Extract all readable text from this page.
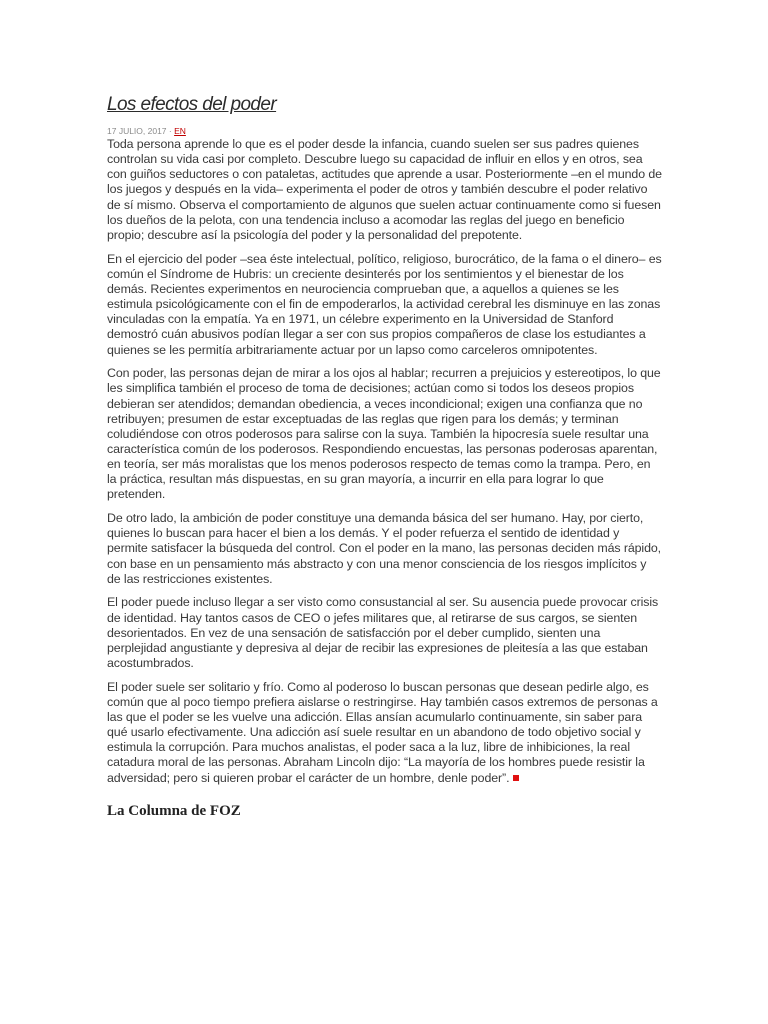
Los efectos del poder

17 JULIO, 2017 · EN

Toda persona aprende lo que es el poder desde la infancia, cuando suelen ser sus padres quienes controlan su vida casi por completo. Descubre luego su capacidad de influir en ellos y en otros, sea con guiños seductores o con pataletas, actitudes que aprende a usar. Posteriormente –en el mundo de los juegos y después en la vida– experimenta el poder de otros y también descubre el poder relativo de sí mismo. Observa el comportamiento de algunos que suelen actuar continuamente como si fuesen los dueños de la pelota, con una tendencia incluso a acomodar las reglas del juego en beneficio propio; descubre así la psicología del poder y la personalidad del prepotente.

En el ejercicio del poder –sea éste intelectual, político, religioso, burocrático, de la fama o el dinero– es común el Síndrome de Hubris: un creciente desinterés por los sentimientos y el bienestar de los demás. Recientes experimentos en neurociencia comprueban que, a aquellos a quienes se les estimula psicológicamente con el fin de empoderarlos, la actividad cerebral les disminuye en las zonas vinculadas con la empatía. Ya en 1971, un célebre experimento en la Universidad de Stanford demostró cuán abusivos podían llegar a ser con sus propios compañeros de clase los estudiantes a quienes se les permitía arbitrariamente actuar por un lapso como carceleros omnipotentes.

Con poder, las personas dejan de mirar a los ojos al hablar; recurren a prejuicios y estereotipos, lo que les simplifica también el proceso de toma de decisiones; actúan como si todos los deseos propios debieran ser atendidos; demandan obediencia, a veces incondicional; exigen una confianza que no retribuyen; presumen de estar exceptuadas de las reglas que rigen para los demás; y terminan coludiéndose con otros poderosos para salirse con la suya. También la hipocresía suele resultar una característica común de los poderosos. Respondiendo encuestas, las personas poderosas aparentan, en teoría, ser más moralistas que los menos poderosos respecto de temas como la trampa. Pero, en la práctica, resultan más dispuestas, en su gran mayoría, a incurrir en ella para lograr lo que pretenden.

De otro lado, la ambición de poder constituye una demanda básica del ser humano. Hay, por cierto, quienes lo buscan para hacer el bien a los demás. Y el poder refuerza el sentido de identidad y permite satisfacer la búsqueda del control. Con el poder en la mano, las personas deciden más rápido, con base en un pensamiento más abstracto y con una menor consciencia de los riesgos implícitos y de las restricciones existentes.

El poder puede incluso llegar a ser visto como consustancial al ser. Su ausencia puede provocar crisis de identidad. Hay tantos casos de CEO o jefes militares que, al retirarse de sus cargos, se sienten desorientados. En vez de una sensación de satisfacción por el deber cumplido, sienten una perplejidad angustiante y depresiva al dejar de recibir las expresiones de pleitesía a las que estaban acostumbrados.

El poder suele ser solitario y frío. Como al poderoso lo buscan personas que desean pedirle algo, es común que al poco tiempo prefiera aislarse o restringirse. Hay también casos extremos de personas a las que el poder se les vuelve una adicción. Ellas ansían acumularlo continuamente, sin saber para qué usarlo efectivamente. Una adicción así suele resultar en un abandono de todo objetivo social y estimula la corrupción. Para muchos analistas, el poder saca a la luz, libre de inhibiciones, la real catadura moral de las personas. Abraham Lincoln dijo: “La mayoría de los hombres puede resistir la adversidad; pero si quieren probar el carácter de un hombre, denle poder”.

La Columna de FOZ
